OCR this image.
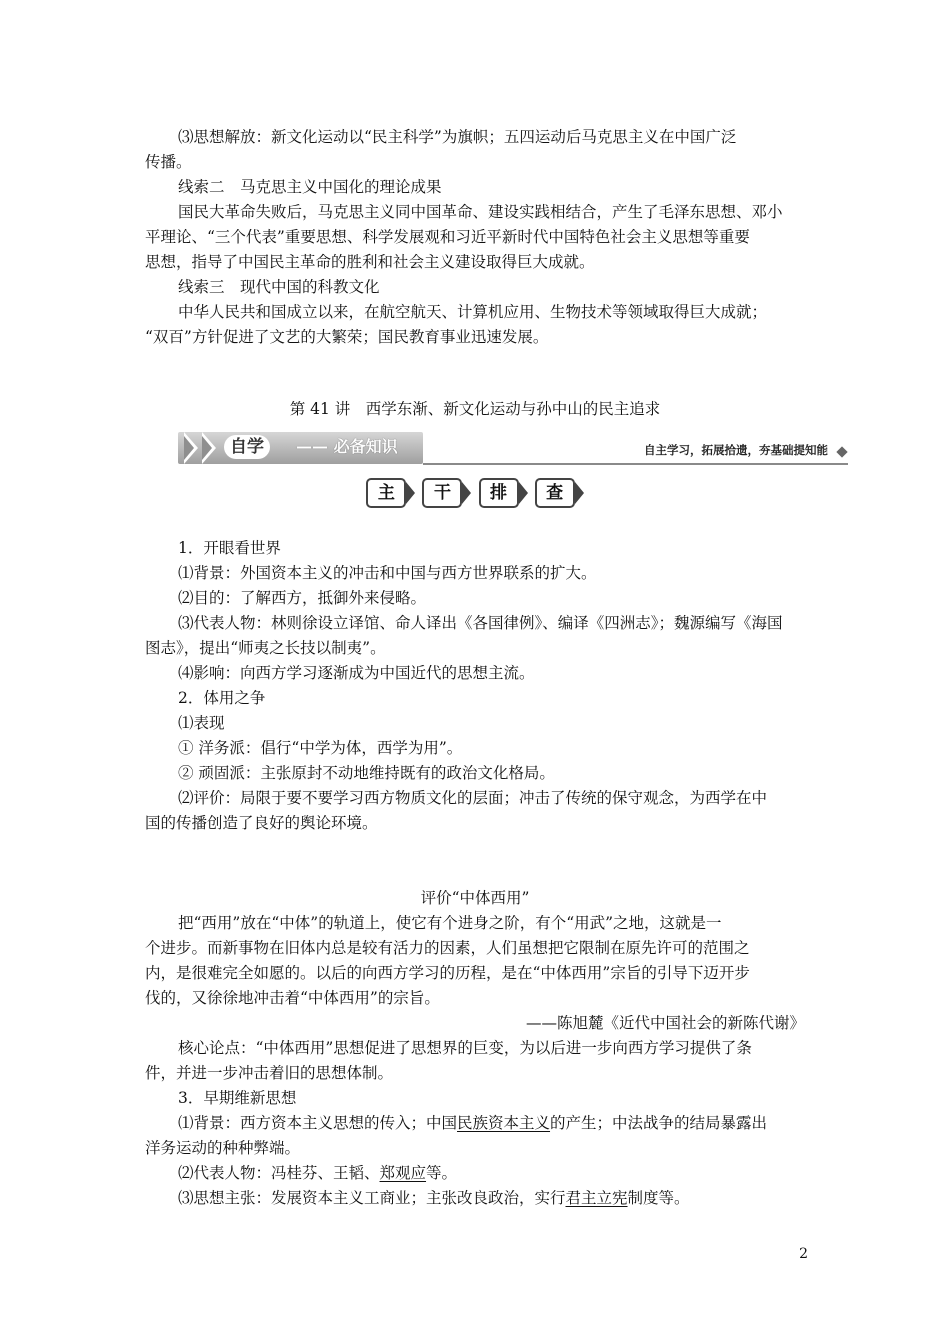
⑶思想解放：新文化运动以“民主科学”为旗帜；五四运动后马克思主义在中国广泛
传播。
线索二　马克思主义中国化的理论成果
国民大革命失败后，马克思主义同中国革命、建设实践相结合，产生了毛泽东思想、邓小
平理论、“三个代表”重要思想、科学发展观和习近平新时代中国特色社会主义思想等重要
思想，指导了中国民主革命的胜利和社会主义建设取得巨大成就。
线索三　现代中国的科教文化
中华人民共和国成立以来，在航空航天、计算机应用、生物技术等领域取得巨大成就；
“双百”方针促进了文艺的大繁荣；国民教育事业迅速发展。
第 41 讲　西学东渐、新文化运动与孙中山的民主追求
自学	—— 必备知识	自主学习，拓展拾遗，夯基础提知能
主 干 排 查
1．开眼看世界
⑴背景：外国资本主义的冲击和中国与西方世界联系的扩大。
⑵目的：了解西方，抵御外来侵略。
⑶代表人物：林则徐设立译馆、命人译出《各国律例》、编译《四洲志》；魏源编写《海国
图志》，提出“师夷之长技以制夷”。
⑷影响：向西方学习逐渐成为中国近代的思想主流。
2．体用之争
⑴表现
① 洋务派：倡行“中学为体，西学为用”。
② 顽固派：主张原封不动地维持既有的政治文化格局。
⑵评价：局限于要不要学习西方物质文化的层面；冲击了传统的保守观念，为西学在中
国的传播创造了良好的舆论环境。
评价“中体西用”
把“西用”放在“中体”的轨道上，使它有个进身之阶，有个“用武”之地，这就是一
个进步。而新事物在旧体内总是较有活力的因素，人们虽想把它限制在原先许可的范围之
内，是很难完全如愿的。以后的向西方学习的历程，是在“中体西用”宗旨的引导下迈开步
伐的，又徐徐地冲击着“中体西用”的宗旨。
——陈旭麓《近代中国社会的新陈代谢》
核心论点：“中体西用”思想促进了思想界的巨变，为以后进一步向西方学习提供了条
件，并进一步冲击着旧的思想体制。
3．早期维新思想
⑴背景：西方资本主义思想的传入；中国民族资本主义的产生；中法战争的结局暴露出
洋务运动的种种弊端。
⑵代表人物：冯桂芬、王韬、郑观应等。
⑶思想主张：发展资本主义工商业；主张改良政治，实行君主立宪制度等。
2
